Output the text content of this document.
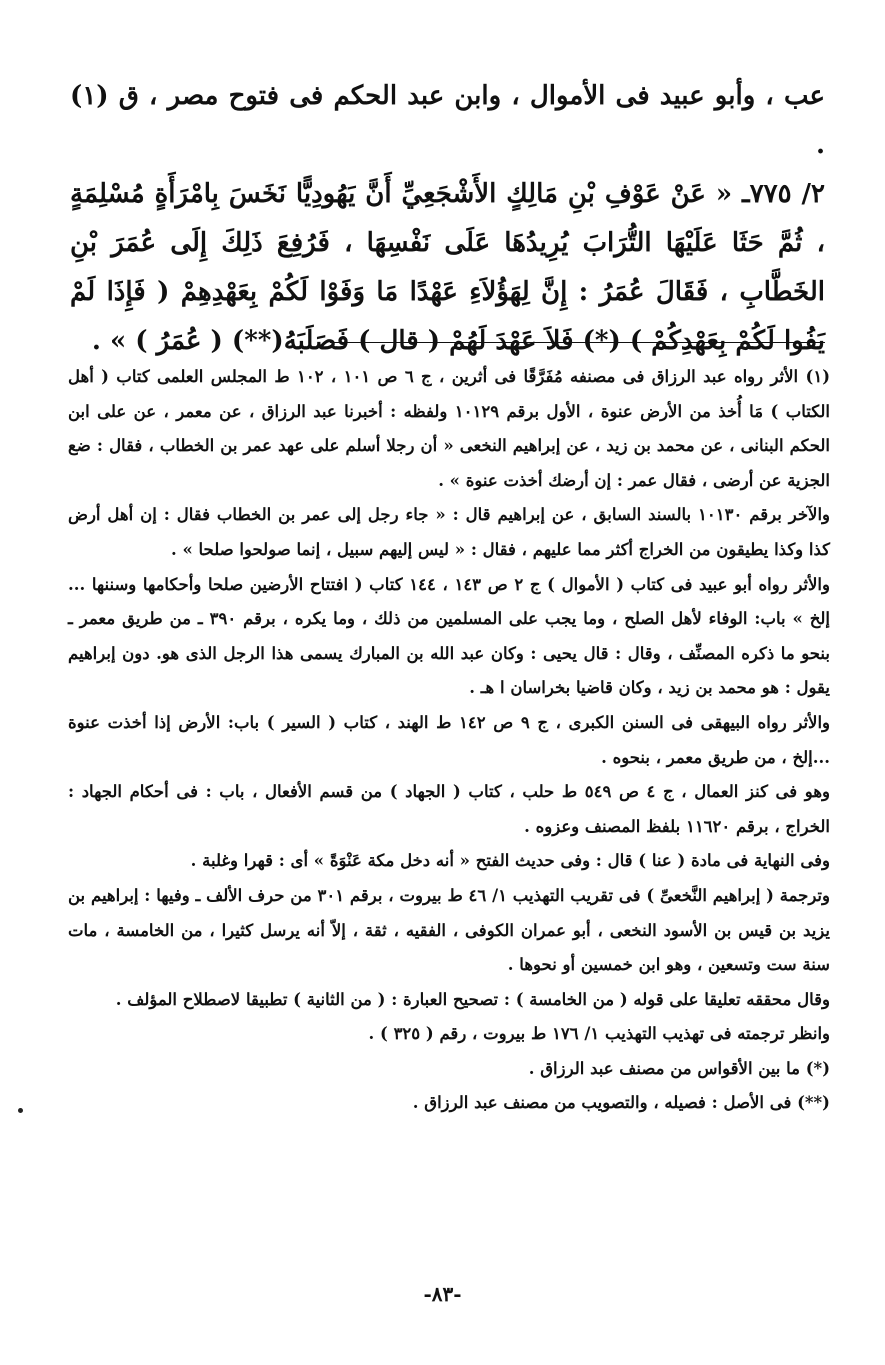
عب ، وأبو عبيد فى الأموال ، وابن عبد الحكم فى فتوح مصر ، ق (١) .

٢/ ٧٧٥ـ « عَنْ عَوْفِ بْنِ مَالِكٍ الأَشْجَعِيِّ أَنَّ يَهُودِيًّا نَخَسَ بِامْرَأَةٍ مُسْلِمَةٍ ، ثُمَّ حَثَا عَلَيْهَا التُّرَابَ يُرِيدُهَا عَلَى نَفْسِهَا ، فَرُفِعَ ذَلِكَ إِلَى عُمَرَ بْنِ الخَطَّابِ ، فَقَالَ عُمَرُ : إِنَّ لِهَؤُلاَءِ عَهْدًا مَا وَفَوْا لَكُمْ بِعَهْدِهِمْ ( فَإِذَا لَمْ يَفُوا لَكُمْ بِعَهْدِكُمْ ) (*) فَلاَ عَهْدَ لَهُمْ ( قال ) فَصَلَبَهُ(**) ( عُمَرُ ) » .

(١) الأثر رواه عبد الرزاق فى مصنفه مُفَرَّقًا فى أثرين ، ج ٦ ص ١٠١ ، ١٠٢ ط المجلس العلمى كتاب ( أهل الكتاب ) مَا أُخذ من الأرض عنوة ، الأول برقم ١٠١٢٩ ولفظه : أخبرنا عبد الرزاق ، عن معمر ، عن على ابن الحكم البنانى ، عن محمد بن زيد ، عن إبراهيم النخعى « أن رجلا أسلم على عهد عمر بن الخطاب ، فقال : ضع الجزية عن أرضى ، فقال عمر : إن أرضك أخذت عنوة » .

والآخر برقم ١٠١٣٠ بالسند السابق ، عن إبراهيم قال : « جاء رجل إلى عمر بن الخطاب فقال : إن أهل أرض كذا وكذا يطيقون من الخراج أكثر مما عليهم ، فقال : « ليس إليهم سبيل ، إنما صولحوا صلحا » .

والأثر رواه أبو عبيد فى كتاب ( الأموال ) ج ٢ ص ١٤٣ ، ١٤٤ كتاب ( افتتاح الأرضين صلحا وأحكامها وسننها ... إلخ » باب: الوفاء لأهل الصلح ، وما يجب على المسلمين من ذلك ، وما يكره ، برقم ٣٩٠ ـ من طريق معمر ـ بنحو ما ذكره المصنِّف ، وقال : قال يحيى : وكان عبد الله بن المبارك يسمى هذا الرجل الذى هو. دون إبراهيم يقول : هو محمد بن زيد ، وكان قاضيا بخراسان ا هـ .

والأثر رواه البيهقى فى السنن الكبرى ، ج ٩ ص ١٤٢ ط الهند ، كتاب ( السير ) باب: الأرض إذا أخذت عنوة ...إلخ ، من طريق معمر ، بنحوه .

وهو فى كنز العمال ، ج ٤ ص ٥٤٩ ط حلب ، كتاب ( الجهاد ) من قسم الأفعال ، باب : فى أحكام الجهاد : الخراج ، برقم ١١٦٢٠ بلفظ المصنف وعزوه .

وفى النهاية فى مادة ( عنا ) قال : وفى حديث الفتح « أنه دخل مكة عَنْوَةً » أى : قهرا وغلبة .

وترجمة ( إبراهيم النَّخعىِّ ) فى تقريب التهذيب ١/ ٤٦ ط بيروت ، برقم ٣٠١ من حرف الألف ـ وفيها : إبراهيم بن يزيد بن قيس بن الأسود النخعى ، أبو عمران الكوفى ، الفقيه ، ثقة ، إلاّ أنه يرسل كثيرا ، من الخامسة ، مات سنة ست وتسعين ، وهو ابن خمسين أو نحوها .

وقال محققه تعليقا على قوله ( من الخامسة ) : تصحيح العبارة : ( من الثانية ) تطبيقا لاصطلاح المؤلف .

وانظر ترجمته فى تهذيب التهذيب ١/ ١٧٦ ط بيروت ، رقم ( ٣٢٥ ) .

(*) ما بين الأقواس من مصنف عبد الرزاق .

(**) فى الأصل : فصيله ، والتصويب من مصنف عبد الرزاق .

-٨٣-
